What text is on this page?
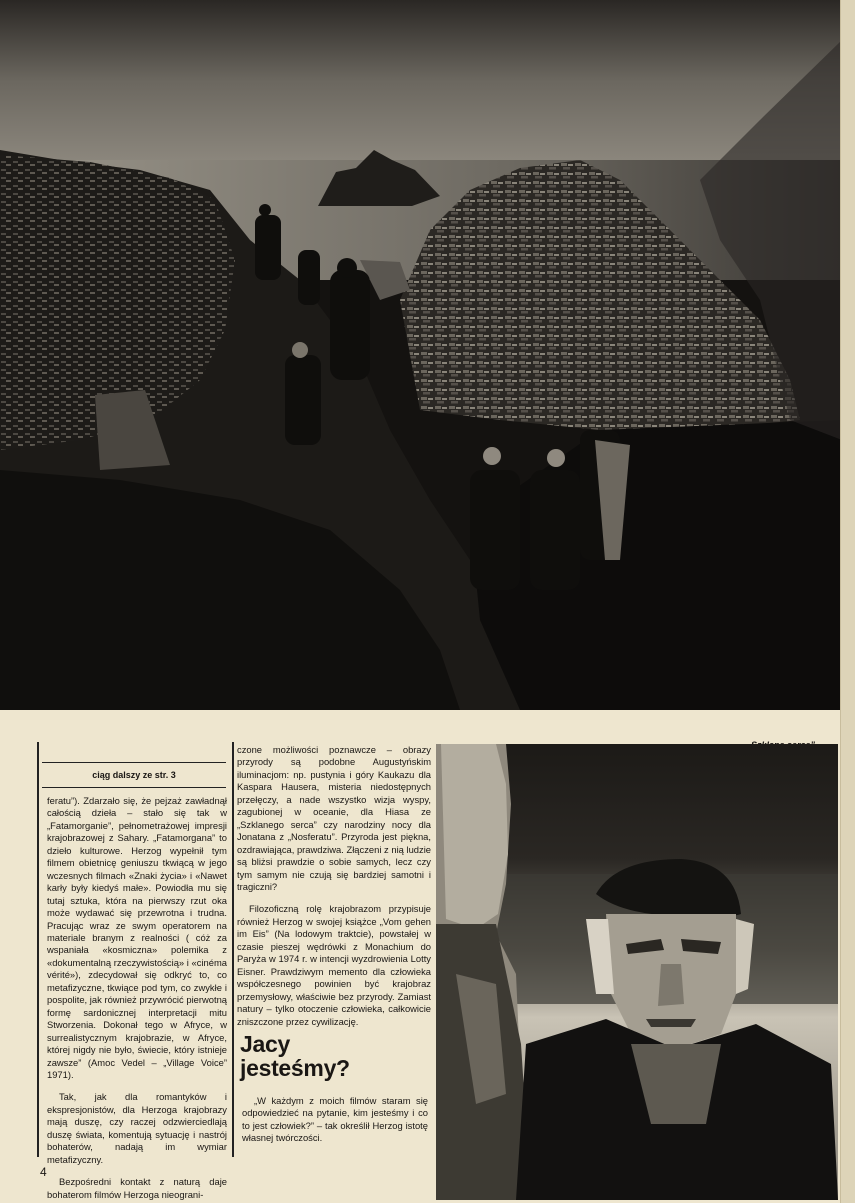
ciąg dalszy ze str. 3

feratu”). Zdarzało się, że pejzaż zawładnął całością dzieła – stało się tak w „Fatamorganie”, pełnometrażowej impresji krajobrazowej z Sahary. „Fatamorgana” to dzieło kulturowe. Herzog wypełnił tym filmem obietnicę geniuszu tkwiącą w jego wczesnych filmach «Znaki życia» i «Nawet karły były kiedyś małe». Powiodła mu się tutaj sztuka, która na pierwszy rzut oka może wydawać się przewrotna i trudna. Pracując wraz ze swym operatorem na materiale branym z realności ( cóż za wspaniała «kosmiczna» polemika z «dokumentalną rzeczywistością» i «cinéma vérité»), zdecydował się odkryć to, co metafizyczne, tkwiące pod tym, co zwykłe i pospolite, jak również przywrócić pierwotną formę sardonicznej interpretacji mitu Stworzenia. Dokonał tego w Afryce, w surrealistycznym krajobrazie, w Afryce, której nigdy nie było, świecie, który istnieje zawsze” (Amoc Vedel – „Village Voice” 1971).

Tak, jak dla romantyków i ekspresjonistów, dla Herzoga krajobrazy mają duszę, czy raczej odzwierciedlają duszę świata, komentują sytuację i nastrój bohaterów, nadają im wymiar metafizyczny.

Bezpośredni kontakt z naturą daje bohaterom filmów Herzoga nieograni-

czone możliwości poznawcze – obrazy przyrody są podobne Augustyńskim iluminacjom: np. pustynia i góry Kaukazu dla Kaspara Hausera, misteria niedostępnych przełęczy, a nade wszystko wizja wyspy, zagubionej w oceanie, dla Hiasa ze „Szklanego serca” czy narodziny nocy dla Jonatana z „Nosferatu”. Przyroda jest piękna, ozdrawiająca, prawdziwa. Złączeni z nią ludzie są bliżsi prawdzie o sobie samych, lecz czy tym samym nie czują się bardziej samotni i tragiczni?

Filozoficzną rolę krajobrazom przypisuje również Herzog w swojej książce „Vom gehen im Eis” (Na lodowym traktcie), powstałej w czasie pieszej wędrówki z Monachium do Paryża w 1974 r. w intencji wyzdrowienia Lotty Eisner. Prawdziwym memento dla człowieka współczesnego powinien być krajobraz przemysłowy, właściwie bez przyrody. Zamiast natury – tylko otoczenie człowieka, całkowicie zniszczone przez cywilizację.

Jacy jesteśmy?

„W każdym z moich filmów staram się odpowiedzieć na pytanie, kim jesteśmy i co to jest człowiek?” – tak określił Herzog istotę własnej twórczości.

4
